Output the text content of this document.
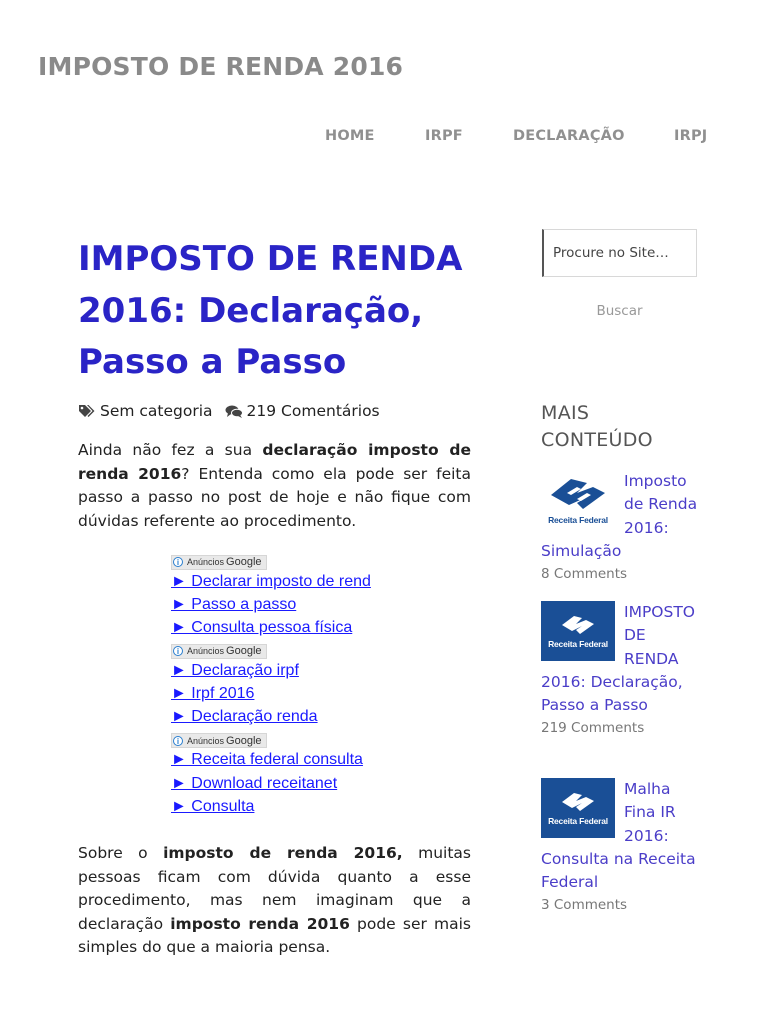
IMPOSTO DE RENDA 2016
HOME	IRPF	DECLARAÇÃO	IRPJ
IMPOSTO DE RENDA 2016: Declaração, Passo a Passo
Sem categoria 219 Comentários

Ainda não fez a sua declaração imposto de renda 2016? Entenda como ela pode ser feita passo a passo no post de hoje e não fique com dúvidas referente ao procedimento.

i Anúncios Google
► Declarar imposto de rend
► Passo a passo
► Consulta pessoa física
i Anúncios Google
► Declaração irpf
► Irpf 2016
► Declaração renda
i Anúncios Google
► Receita federal consulta
► Download receitanet
► Consulta

Sobre o imposto de renda 2016, muitas pessoas ficam com dúvida quanto a esse procedimento, mas nem imaginam que a declaração imposto renda 2016 pode ser mais simples do que a maioria pensa.

Procure no Site…
Buscar
MAIS CONTEÚDO
Receita Federal
Imposto de Renda 2016: Simulação
8 Comments
Receita Federal
IMPOSTO DE RENDA 2016: Declaração, Passo a Passo
219 Comments
Receita Federal
Malha Fina IR 2016: Consulta na Receita Federal
3 Comments
